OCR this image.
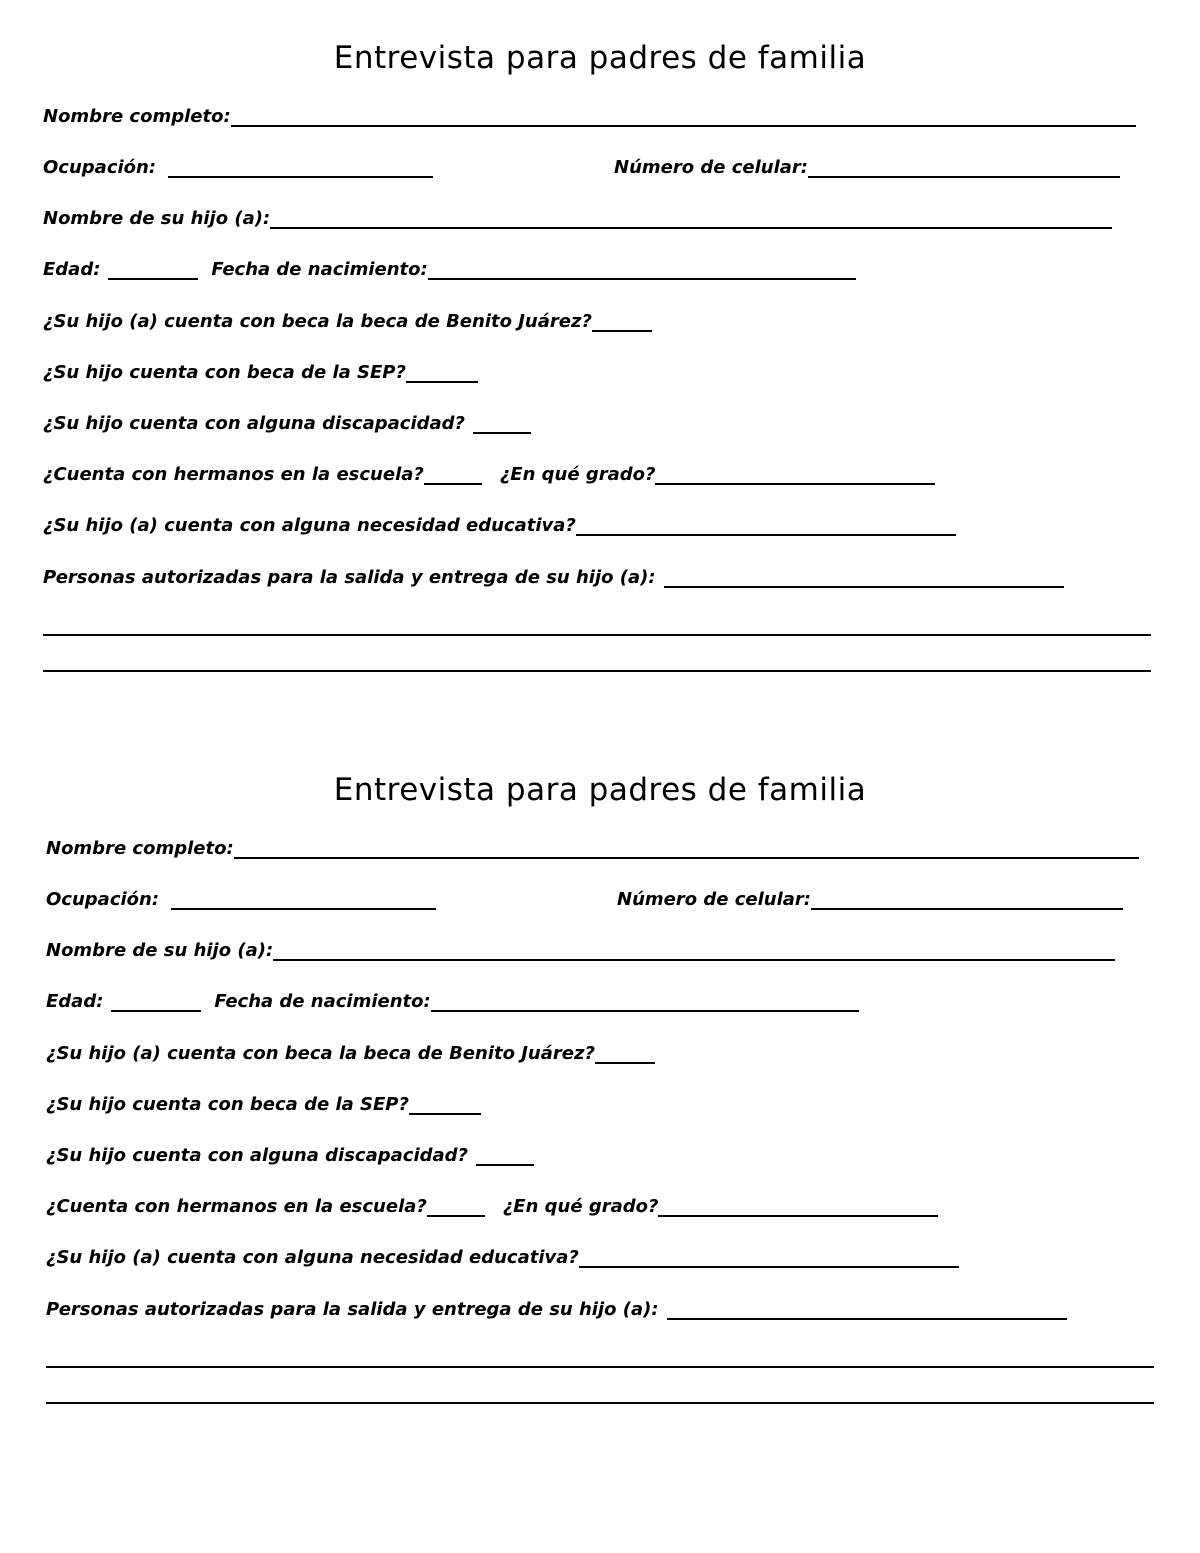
Entrevista para padres de familia
Nombre completo:
Ocupación:	Número de celular:
Nombre de su hijo (a):
Edad:	Fecha de nacimiento:
¿Su hijo (a) cuenta con beca la beca de Benito Juárez?
¿Su hijo cuenta con beca de la SEP?
¿Su hijo cuenta con alguna discapacidad?
¿Cuenta con hermanos en la escuela?	¿En qué grado?
¿Su hijo (a) cuenta con alguna necesidad educativa?
Personas autorizadas para la salida y entrega de su hijo (a):
Entrevista para padres de familia
Nombre completo:
Ocupación:	Número de celular:
Nombre de su hijo (a):
Edad:	Fecha de nacimiento:
¿Su hijo (a) cuenta con beca la beca de Benito Juárez?
¿Su hijo cuenta con beca de la SEP?
¿Su hijo cuenta con alguna discapacidad?
¿Cuenta con hermanos en la escuela?	¿En qué grado?
¿Su hijo (a) cuenta con alguna necesidad educativa?
Personas autorizadas para la salida y entrega de su hijo (a):
